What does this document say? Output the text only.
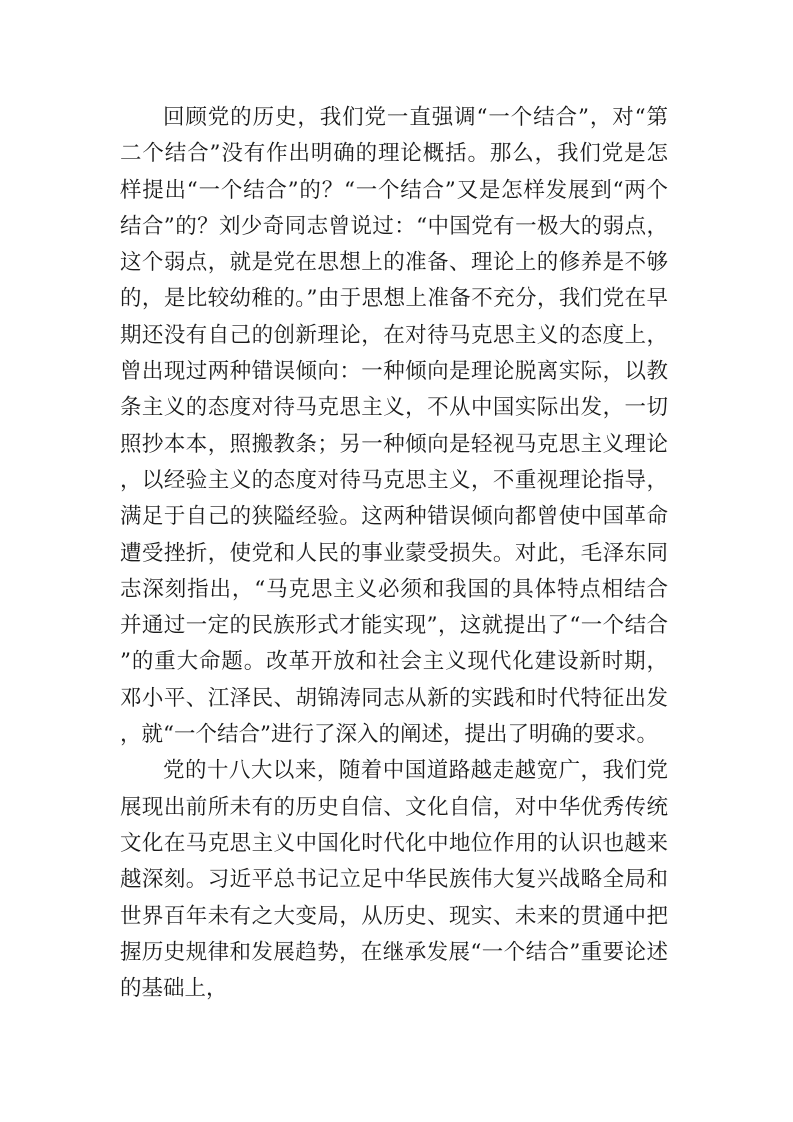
回顾党的历史，我们党一直强调“一个结合”，对“第二个结合”没有作出明确的理论概括。那么，我们党是怎样提出“一个结合”的？“一个结合”又是怎样发展到“两个结合”的？刘少奇同志曾说过：“中国党有一极大的弱点，这个弱点，就是党在思想上的准备、理论上的修养是不够的，是比较幼稚的。”由于思想上准备不充分，我们党在早期还没有自己的创新理论，在对待马克思主义的态度上，曾出现过两种错误倾向：一种倾向是理论脱离实际，以教条主义的态度对待马克思主义，不从中国实际出发，一切照抄本本，照搬教条；另一种倾向是轻视马克思主义理论，以经验主义的态度对待马克思主义，不重视理论指导，满足于自己的狭隘经验。这两种错误倾向都曾使中国革命遭受挫折，使党和人民的事业蒙受损失。对此，毛泽东同志深刻指出，“马克思主义必须和我国的具体特点相结合并通过一定的民族形式才能实现”，这就提出了“一个结合”的重大命题。改革开放和社会主义现代化建设新时期，邓小平、江泽民、胡锦涛同志从新的实践和时代特征出发，就“一个结合”进行了深入的阐述，提出了明确的要求。

党的十八大以来，随着中国道路越走越宽广，我们党展现出前所未有的历史自信、文化自信，对中华优秀传统文化在马克思主义中国化时代化中地位作用的认识也越来越深刻。习近平总书记立足中华民族伟大复兴战略全局和世界百年未有之大变局，从历史、现实、未来的贯通中把握历史规律和发展趋势，在继承发展“一个结合”重要论述的基础上，
